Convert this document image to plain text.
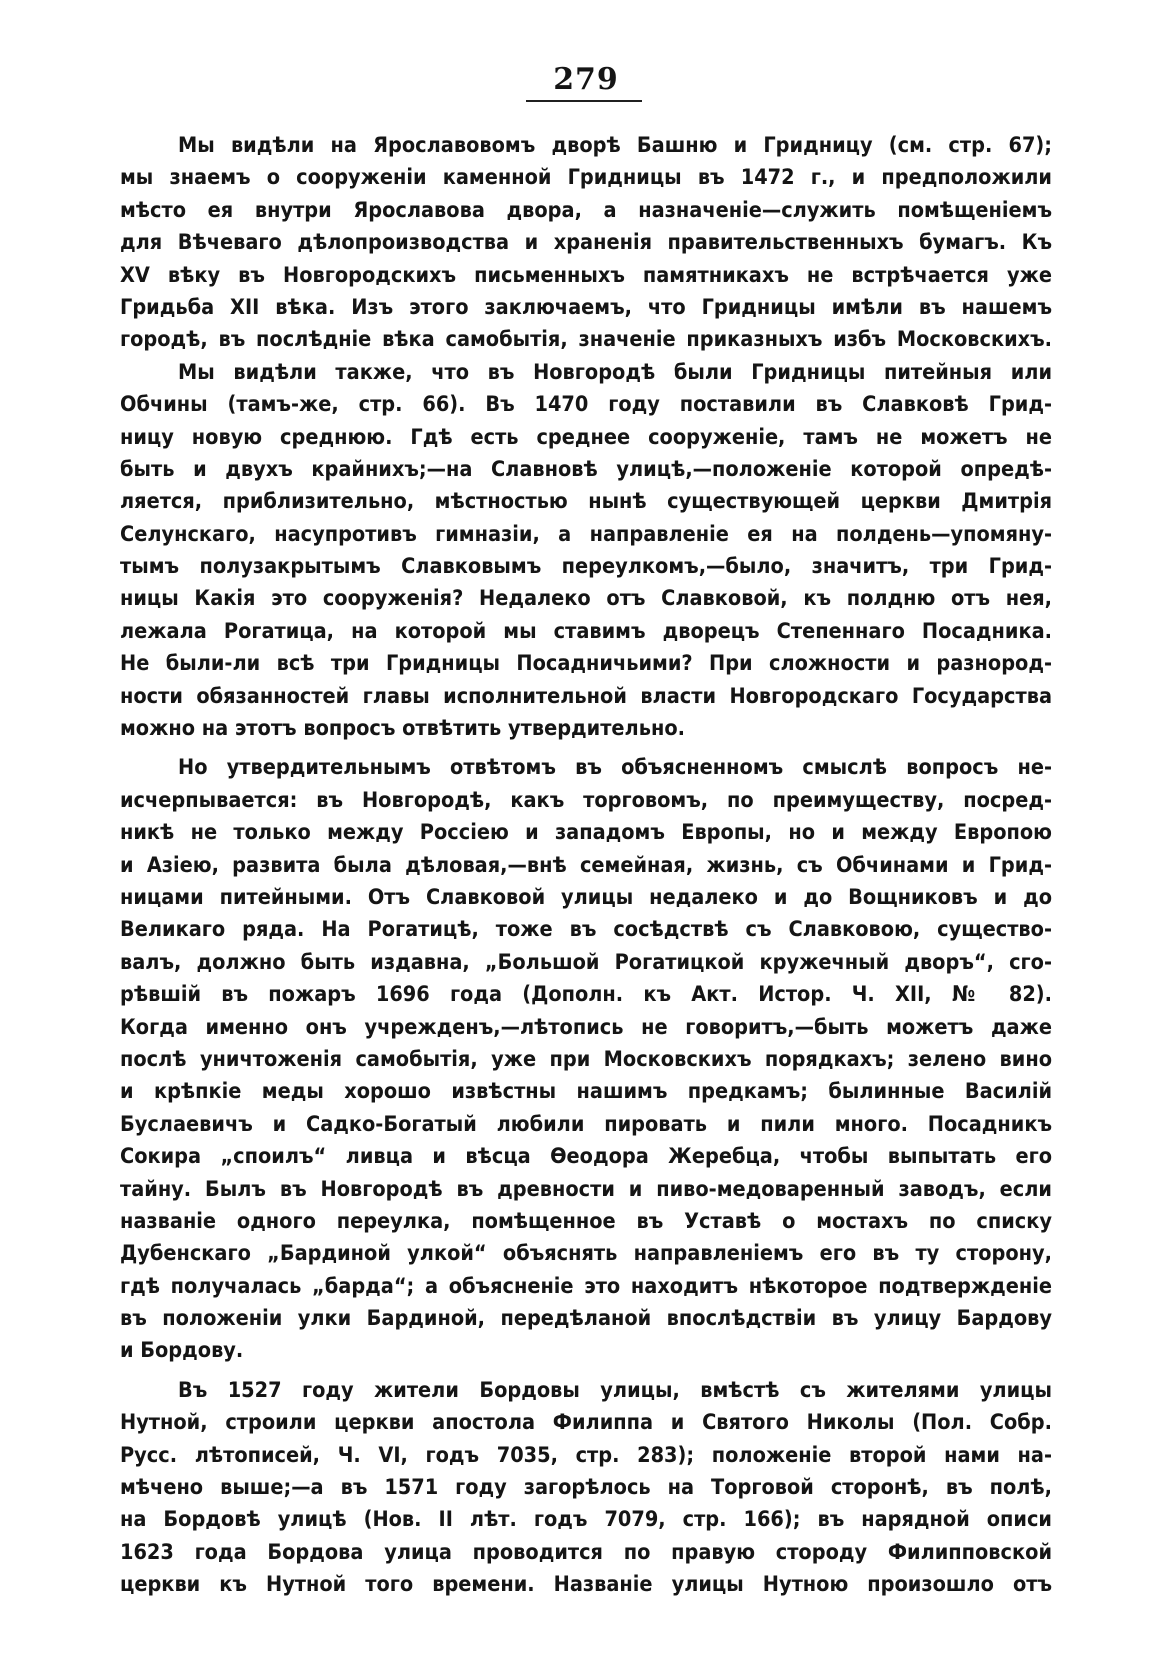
279
Мы видѣли на Ярославовомъ дворѣ Башню и Гридницу (см. стр. 67);
мы знаемъ о сооруженіи каменной Гридницы въ 1472 г., и предположили
мѣсто ея внутри Ярославова двора, а назначеніе—служить помѣщеніемъ
для Вѣчеваго дѣлопроизводства и храненія правительственныхъ бумагъ. Къ
XV вѣку въ Новгородскихъ письменныхъ памятникахъ не встрѣчается уже
Гридьба XII вѣка. Изъ этого заключаемъ, что Гридницы имѣли въ нашемъ
городѣ, въ послѣдніе вѣка самобытія, значеніе приказныхъ избъ Московскихъ.
Мы видѣли также, что въ Новгородѣ были Гридницы питейныя или
Обчины (тамъ-же, стр. 66). Въ 1470 году поставили въ Славковѣ Грид-
ницу новую среднюю. Гдѣ есть среднее сооруженіе, тамъ не можетъ не
быть и двухъ крайнихъ;—на Славновѣ улицѣ,—положеніе которой опредѣ-
ляется, приблизительно, мѣстностью нынѣ существующей церкви Дмитрія
Селунскаго, насупротивъ гимназіи, а направленіе ея на полдень—упомяну-
тымъ полузакрытымъ Славковымъ переулкомъ,—было, значитъ, три Грид-
ницы Какія это сооруженія? Недалеко отъ Славковой, къ полдню отъ нея,
лежала Рогатица, на которой мы ставимъ дворецъ Степеннаго Посадника.
Не были-ли всѣ три Гридницы Посадничьими? При сложности и разнород-
ности обязанностей главы исполнительной власти Новгородскаго Государства
можно на этотъ вопросъ отвѣтить утвердительно.
Но утвердительнымъ отвѣтомъ въ объясненномъ смыслѣ вопросъ не-
исчерпывается: въ Новгородѣ, какъ торговомъ, по преимуществу, посред-
никѣ не только между Россіею и западомъ Европы, но и между Европою
и Азіею, развита была дѣловая,—внѣ семейная, жизнь, съ Обчинами и Грид-
ницами питейными. Отъ Славковой улицы недалеко и до Вощниковъ и до
Великаго ряда. На Рогатицѣ, тоже въ сосѣдствѣ съ Славковою, существо-
валъ, должно быть издавна, „Большой Рогатицкой кружечный дворъ“, сго-
рѣвшій въ пожаръ 1696 года (Дополн. къ Акт. Истор. Ч. XII, № 82).
Когда именно онъ учрежденъ,—лѣтопись не говоритъ,—быть можетъ даже
послѣ уничтоженія самобытія, уже при Московскихъ порядкахъ; зелено вино
и крѣпкіе меды хорошо извѣстны нашимъ предкамъ; былинные Василій
Буслаевичъ и Садко-Богатый любили пировать и пили много. Посадникъ
Сокира „споилъ“ ливца и вѣсца Ѳеодора Жеребца, чтобы выпытать его
тайну. Былъ въ Новгородѣ въ древности и пиво-медоваренный заводъ, если
названіе одного переулка, помѣщенное въ Уставѣ о мостахъ по списку
Дубенскаго „Бардиной улкой“ объяснять направленіемъ его въ ту сторону,
гдѣ получалась „барда“; а объясненіе это находитъ нѣкоторое подтвержденіе
въ положеніи улки Бардиной, передѣланой впослѣдствіи въ улицу Бардову
и Бордову.
Въ 1527 году жители Бордовы улицы, вмѣстѣ съ жителями улицы
Нутной, строили церкви апостола Филиппа и Святого Николы (Пол. Собр.
Русс. лѣтописей, Ч. VI, годъ 7035, стр. 283); положеніе второй нами на-
мѣчено выше;—а въ 1571 году загорѣлось на Торговой сторонѣ, въ полѣ,
на Бордовѣ улицѣ (Нов. II лѣт. годъ 7079, стр. 166); въ нарядной описи
1623 года Бордова улица проводится по правую стороду Филипповской
церкви къ Нутной того времени. Названіе улицы Нутною произошло отъ
